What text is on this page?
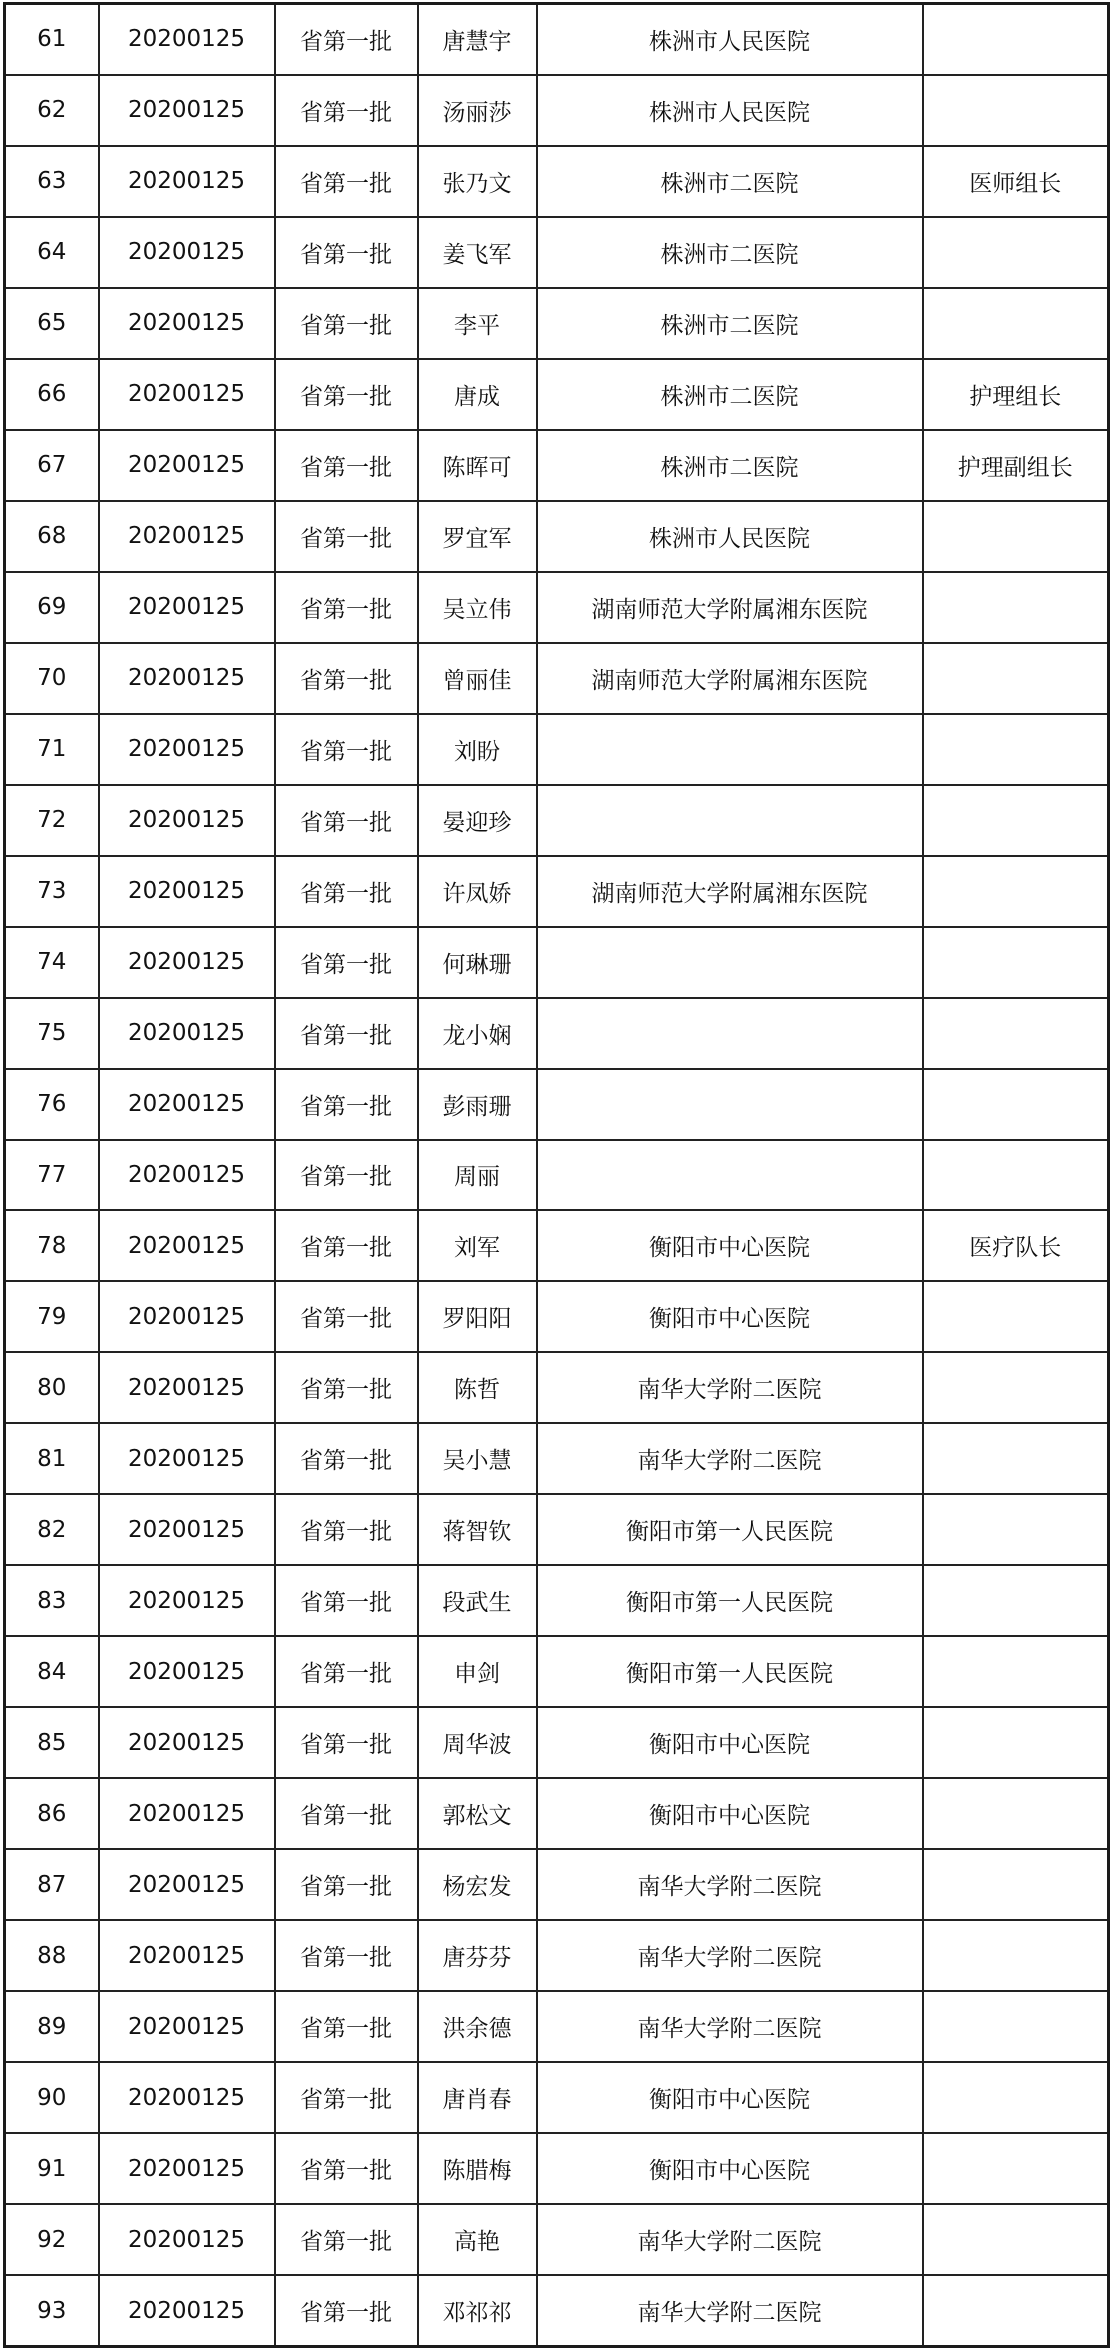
61	20200125	省第一批	唐慧宇	株洲市人民医院	
62	20200125	省第一批	汤丽莎	株洲市人民医院	
63	20200125	省第一批	张乃文	株洲市二医院	医师组长
64	20200125	省第一批	姜飞军	株洲市二医院	
65	20200125	省第一批	李平	株洲市二医院	
66	20200125	省第一批	唐成	株洲市二医院	护理组长
67	20200125	省第一批	陈晖可	株洲市二医院	护理副组长
68	20200125	省第一批	罗宜军	株洲市人民医院	
69	20200125	省第一批	吴立伟	湖南师范大学附属湘东医院	
70	20200125	省第一批	曾丽佳	湖南师范大学附属湘东医院	
71	20200125	省第一批	刘盼		
72	20200125	省第一批	晏迎珍		
73	20200125	省第一批	许凤娇	湖南师范大学附属湘东医院	
74	20200125	省第一批	何琳珊		
75	20200125	省第一批	龙小娴		
76	20200125	省第一批	彭雨珊		
77	20200125	省第一批	周丽		
78	20200125	省第一批	刘军	衡阳市中心医院	医疗队长
79	20200125	省第一批	罗阳阳	衡阳市中心医院	
80	20200125	省第一批	陈哲	南华大学附二医院	
81	20200125	省第一批	吴小慧	南华大学附二医院	
82	20200125	省第一批	蒋智钦	衡阳市第一人民医院	
83	20200125	省第一批	段武生	衡阳市第一人民医院	
84	20200125	省第一批	申剑	衡阳市第一人民医院	
85	20200125	省第一批	周华波	衡阳市中心医院	
86	20200125	省第一批	郭松文	衡阳市中心医院	
87	20200125	省第一批	杨宏发	南华大学附二医院	
88	20200125	省第一批	唐芬芬	南华大学附二医院	
89	20200125	省第一批	洪余德	南华大学附二医院	
90	20200125	省第一批	唐肖春	衡阳市中心医院	
91	20200125	省第一批	陈腊梅	衡阳市中心医院	
92	20200125	省第一批	高艳	南华大学附二医院	
93	20200125	省第一批	邓祁祁	南华大学附二医院	
